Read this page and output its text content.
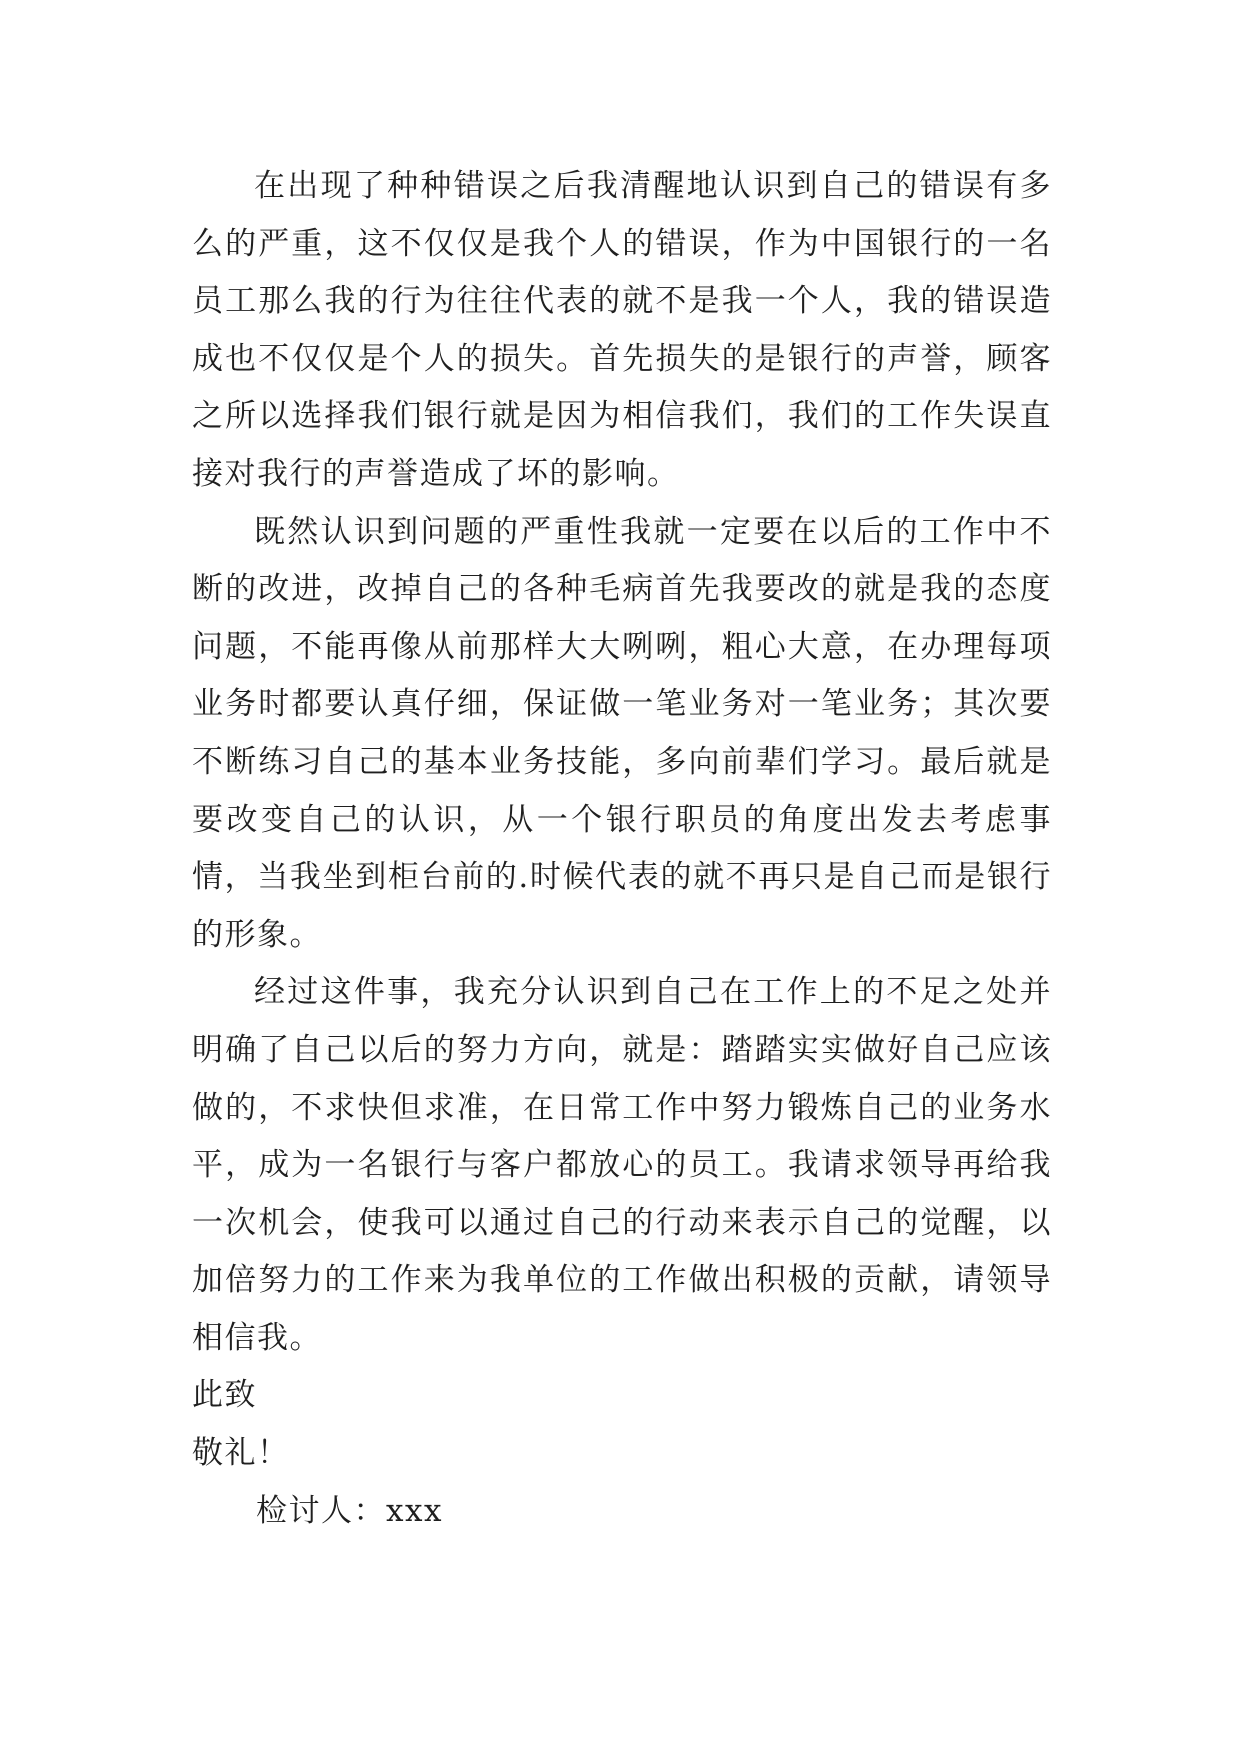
在出现了种种错误之后我清醒地认识到自己的错误有多么的严重，这不仅仅是我个人的错误，作为中国银行的一名员工那么我的行为往往代表的就不是我一个人，我的错误造成也不仅仅是个人的损失。首先损失的是银行的声誉，顾客之所以选择我们银行就是因为相信我们，我们的工作失误直接对我行的声誉造成了坏的影响。

既然认识到问题的严重性我就一定要在以后的工作中不断的改进，改掉自己的各种毛病首先我要改的就是我的态度问题，不能再像从前那样大大咧咧，粗心大意，在办理每项业务时都要认真仔细，保证做一笔业务对一笔业务；其次要不断练习自己的基本业务技能，多向前辈们学习。最后就是要改变自己的认识，从一个银行职员的角度出发去考虑事情，当我坐到柜台前的.时候代表的就不再只是自己而是银行的形象。

经过这件事，我充分认识到自己在工作上的不足之处并明确了自己以后的努力方向，就是：踏踏实实做好自己应该做的，不求快但求准，在日常工作中努力锻炼自己的业务水平，成为一名银行与客户都放心的员工。我请求领导再给我一次机会，使我可以通过自己的行动来表示自己的觉醒，以加倍努力的工作来为我单位的工作做出积极的贡献，请领导相信我。

此致

敬礼！

检讨人：xxx
